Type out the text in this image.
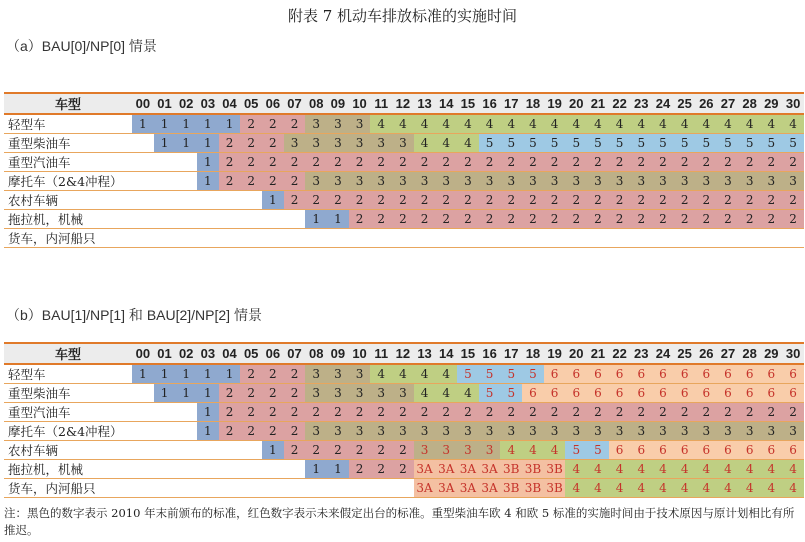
附表 7 机动车排放标准的实施时间
（a）BAU[0]/NP[0] 情景
车型	00	01	02	03	04	05	06	07	08	09	10	11	12	13	14	15	16	17	18	19	20	21	22	23	24	25	26	27	28	29	30
轻型车	1	1	1	1	1	2	2	2	3	3	3	4	4	4	4	4	4	4	4	4	4	4	4	4	4	4	4	4	4	4	4
重型柴油车		1	1	1	2	2	2	3	3	3	3	3	3	4	4	4	5	5	5	5	5	5	5	5	5	5	5	5	5	5	5
重型汽油车				1	2	2	2	2	2	2	2	2	2	2	2	2	2	2	2	2	2	2	2	2	2	2	2	2	2	2	2
摩托车（2&4冲程）				1	2	2	2	2	3	3	3	3	3	3	3	3	3	3	3	3	3	3	3	3	3	3	3	3	3	3	3
农村车辆							1	2	2	2	2	2	2	2	2	2	2	2	2	2	2	2	2	2	2	2	2	2	2	2	2
拖拉机，机械									1	1	2	2	2	2	2	2	2	2	2	2	2	2	2	2	2	2	2	2	2	2	2
货车，内河船只																															
（b）BAU[1]/NP[1] 和 BAU[2]/NP[2] 情景
车型	00	01	02	03	04	05	06	07	08	09	10	11	12	13	14	15	16	17	18	19	20	21	22	23	24	25	26	27	28	29	30
轻型车	1	1	1	1	1	2	2	2	3	3	3	4	4	4	4	5	5	5	5	6	6	6	6	6	6	6	6	6	6	6	6
重型柴油车		1	1	1	2	2	2	2	3	3	3	3	3	4	4	4	5	5	6	6	6	6	6	6	6	6	6	6	6	6	6
重型汽油车				1	2	2	2	2	2	2	2	2	2	2	2	2	2	2	2	2	2	2	2	2	2	2	2	2	2	2	2
摩托车（2&4冲程）				1	2	2	2	2	3	3	3	3	3	3	3	3	3	3	3	3	3	3	3	3	3	3	3	3	3	3	3
农村车辆							1	2	2	2	2	2	2	3	3	3	3	4	4	4	5	5	6	6	6	6	6	6	6	6	6
拖拉机，机械									1	1	2	2	2	3A	3A	3A	3A	3B	3B	3B	4	4	4	4	4	4	4	4	4	4	4
货车，内河船只														3A	3A	3A	3A	3B	3B	3B	4	4	4	4	4	4	4	4	4	4	4
注：黑色的数字表示 2010 年末前颁布的标准，红色数字表示未来假定出台的标准。重型柴油车欧 4 和欧 5 标准的实施时间由于技术原因与原计划相比有所推迟。
